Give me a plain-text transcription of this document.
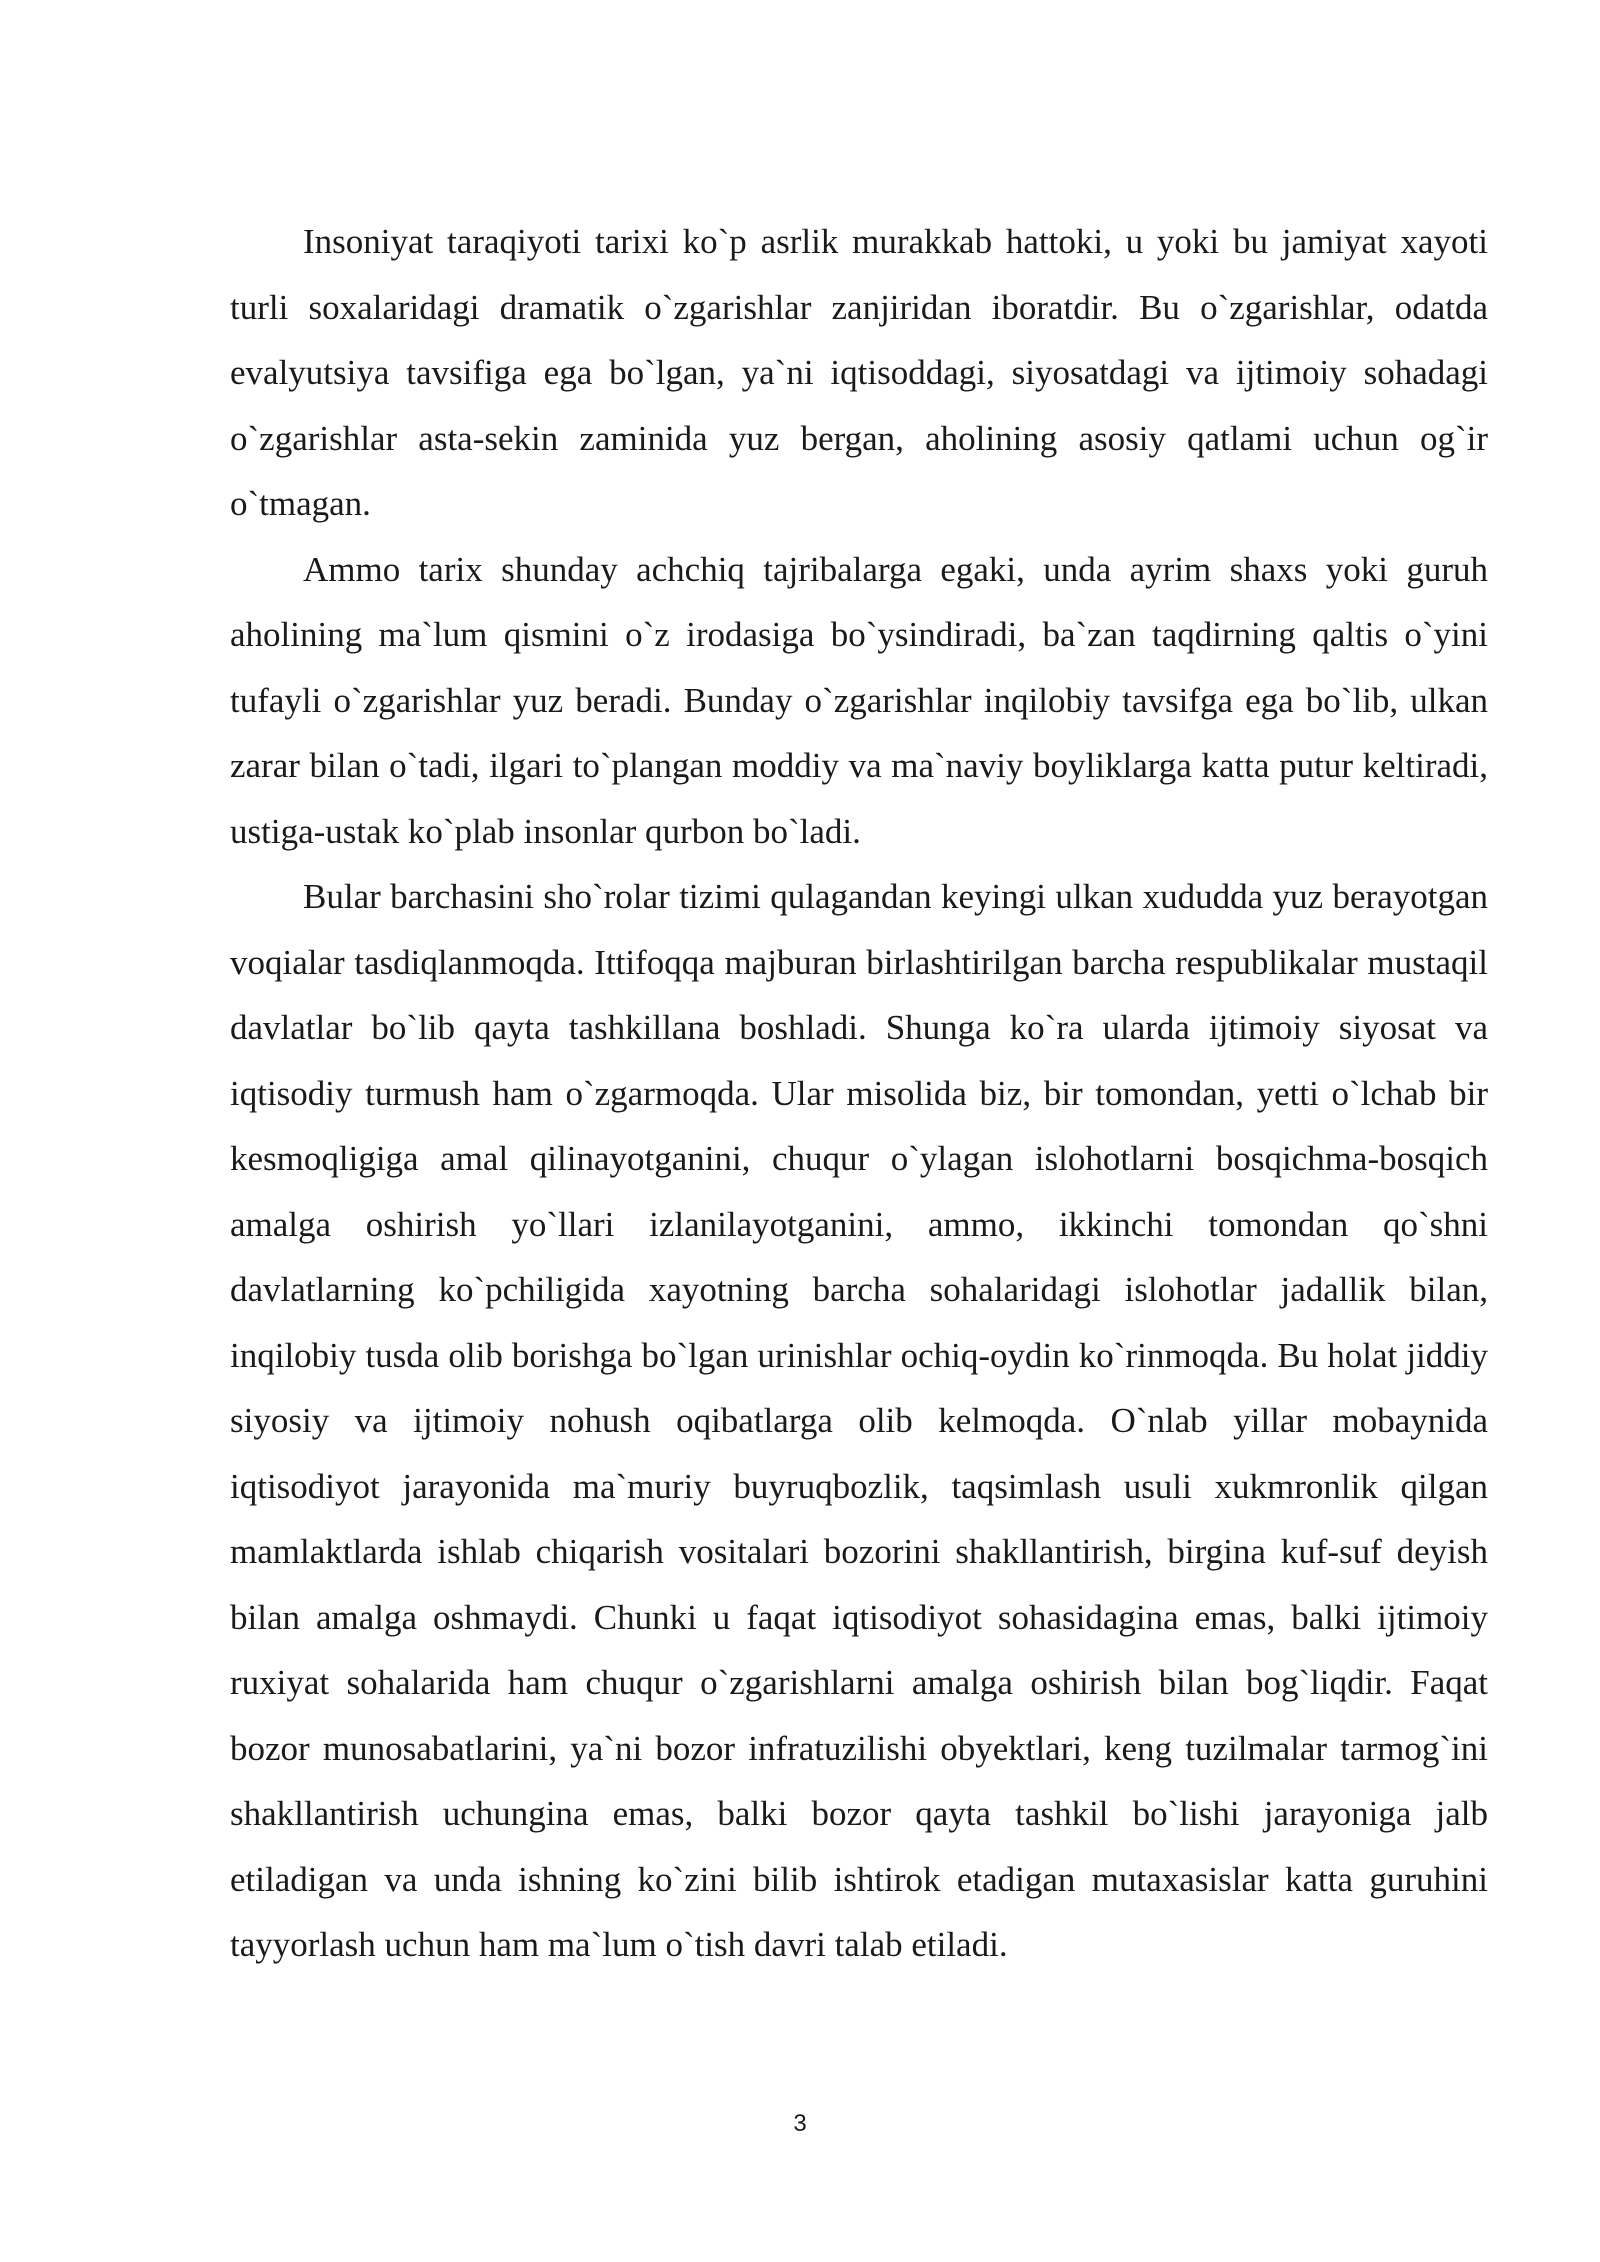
Insoniyat taraqiyoti tarixi ko`p asrlik murakkab hattoki, u yoki bu jamiyat xayoti turli soxalaridagi dramatik o`zgarishlar zanjiridan iboratdir. Bu o`zgarishlar, odatda evalyutsiya tavsifiga ega bo`lgan, ya`ni iqtisoddagi, siyosatdagi va ijtimoiy sohadagi o`zgarishlar asta-sekin zaminida yuz bergan, aholining asosiy qatlami uchun og`ir o`tmagan.

Ammo tarix shunday achchiq tajribalarga egaki, unda ayrim shaxs yoki guruh aholining ma`lum qismini o`z irodasiga bo`ysindiradi, ba`zan taqdirning qaltis o`yini tufayli o`zgarishlar yuz beradi. Bunday o`zgarishlar inqilobiy tavsifga ega bo`lib, ulkan zarar bilan o`tadi, ilgari to`plangan moddiy va ma`naviy boyliklarga katta putur keltiradi, ustiga-ustak ko`plab insonlar qurbon bo`ladi.

Bular barchasini sho`rolar tizimi qulagandan keyingi ulkan xududda yuz berayotgan voqialar tasdiqlanmoqda. Ittifoqqa majburan birlashtirilgan barcha respublikalar mustaqil davlatlar bo`lib qayta tashkillana boshladi. Shunga ko`ra ularda ijtimoiy siyosat va iqtisodiy turmush ham o`zgarmoqda. Ular misolida biz, bir tomondan, yetti o`lchab bir kesmoqligiga amal qilinayotganini, chuqur o`ylagan islohotlarni bosqichma-bosqich amalga oshirish yo`llari izlanilayotganini, ammo, ikkinchi tomondan qo`shni davlatlarning ko`pchiligida xayotning barcha sohalaridagi islohotlar jadallik bilan, inqilobiy tusda olib borishga bo`lgan urinishlar ochiq-oydin ko`rinmoqda. Bu holat jiddiy siyosiy va ijtimoiy nohush oqibatlarga olib kelmoqda. O`nlab yillar mobaynida iqtisodiyot jarayonida ma`muriy buyruqbozlik, taqsimlash usuli xukmronlik qilgan mamlaktlarda ishlab chiqarish vositalari bozorini shakllantirish, birgina kuf-suf deyish bilan amalga oshmaydi. Chunki u faqat iqtisodiyot sohasidagina emas, balki ijtimoiy ruxiyat sohalarida ham chuqur o`zgarishlarni amalga oshirish bilan bog`liqdir. Faqat bozor munosabatlarini, ya`ni bozor infratuzilishi obyektlari, keng tuzilmalar tarmog`ini shakllantirish uchungina emas, balki bozor qayta tashkil bo`lishi jarayoniga jalb etiladigan va unda ishning ko`zini bilib ishtirok etadigan mutaxasislar katta guruhini tayyorlash uchun ham ma`lum o`tish davri talab etiladi.

3
